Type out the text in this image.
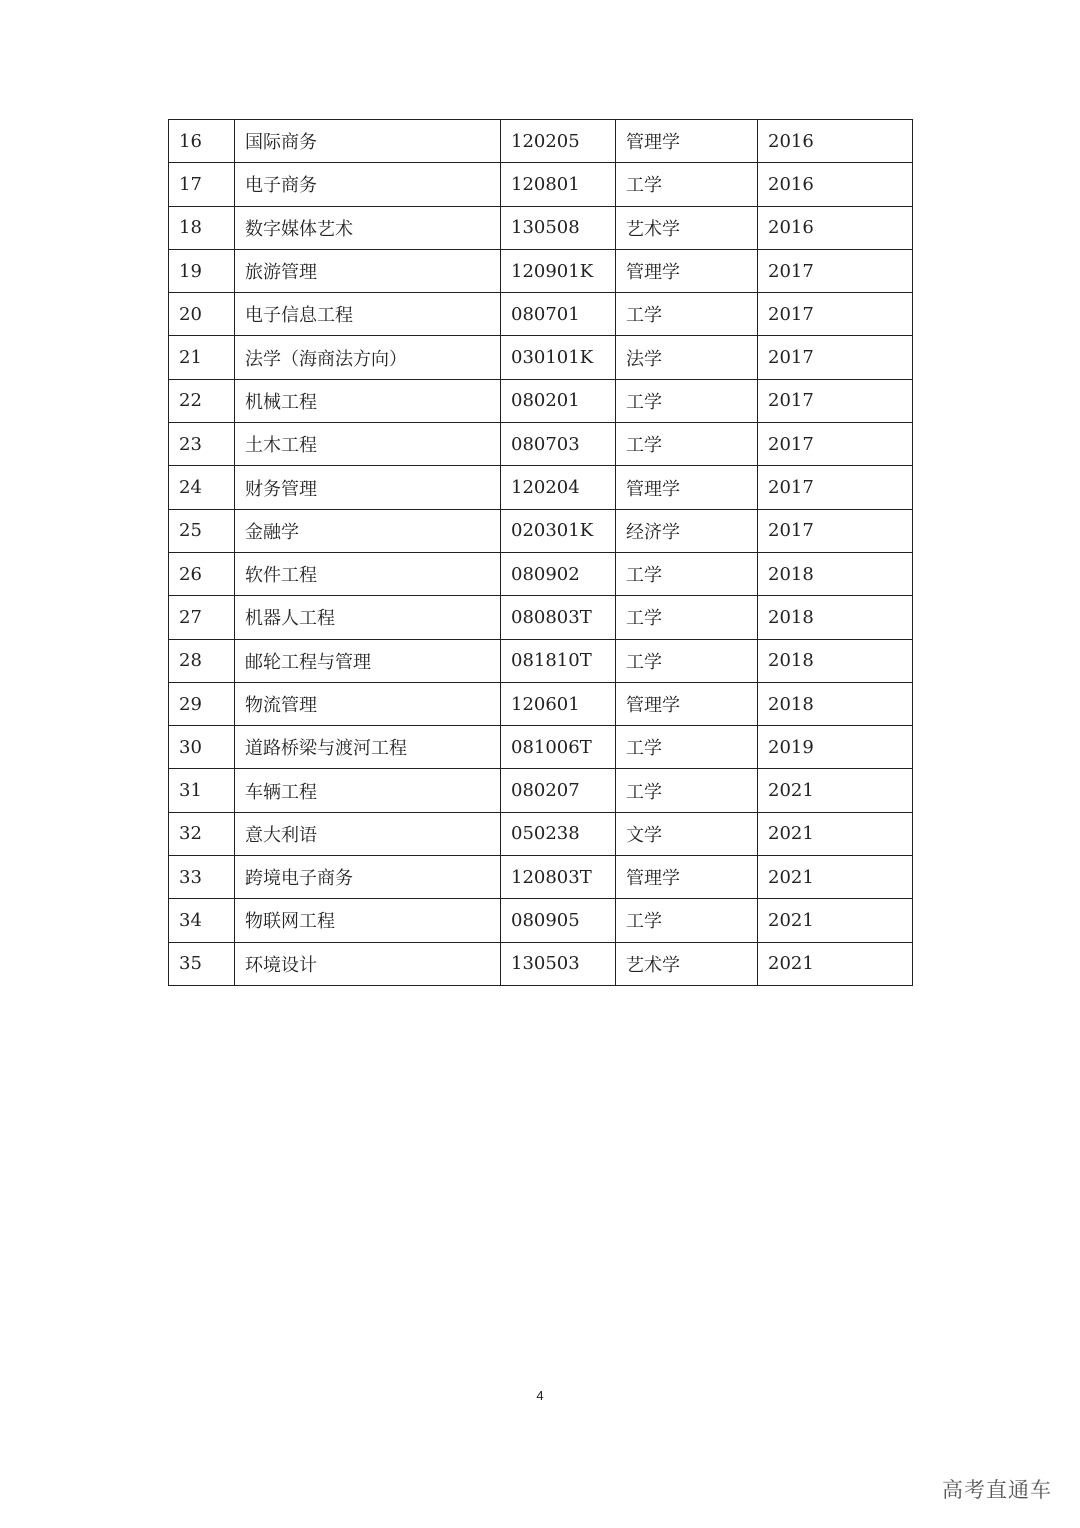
16	国际商务	120205	管理学	2016
17	电子商务	120801	工学	2016
18	数字媒体艺术	130508	艺术学	2016
19	旅游管理	120901K	管理学	2017
20	电子信息工程	080701	工学	2017
21	法学（海商法方向）	030101K	法学	2017
22	机械工程	080201	工学	2017
23	土木工程	080703	工学	2017
24	财务管理	120204	管理学	2017
25	金融学	020301K	经济学	2017
26	软件工程	080902	工学	2018
27	机器人工程	080803T	工学	2018
28	邮轮工程与管理	081810T	工学	2018
29	物流管理	120601	管理学	2018
30	道路桥梁与渡河工程	081006T	工学	2019
31	车辆工程	080207	工学	2021
32	意大利语	050238	文学	2021
33	跨境电子商务	120803T	管理学	2021
34	物联网工程	080905	工学	2021
35	环境设计	130503	艺术学	2021
4
高考直通车
